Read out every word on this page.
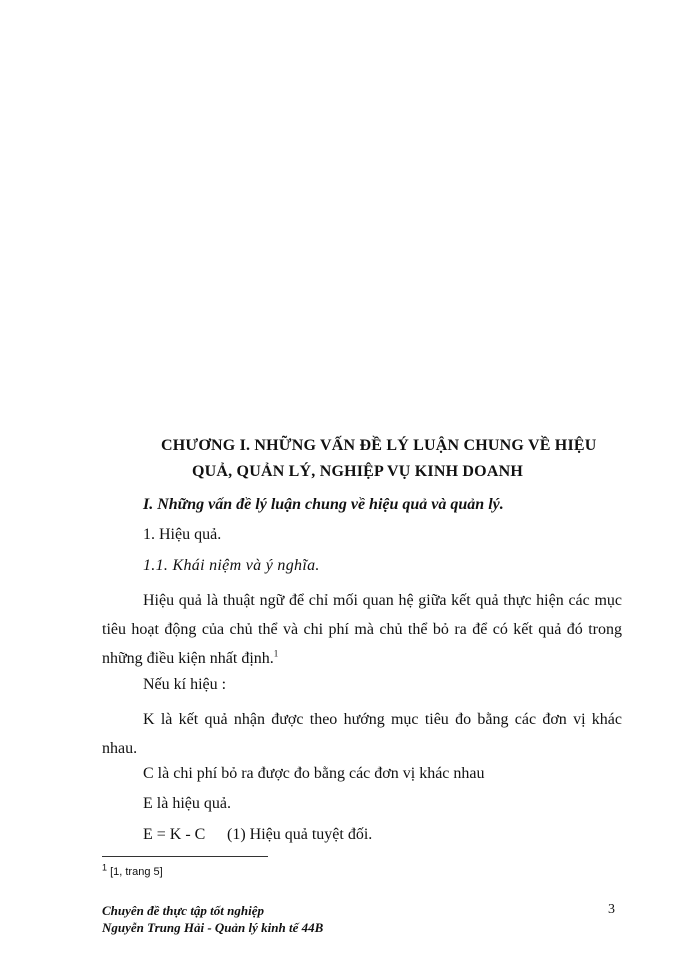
CHƯƠNG I. NHỮNG VẤN ĐỀ LÝ LUẬN CHUNG VỀ HIỆU
QUẢ, QUẢN LÝ, NGHIỆP VỤ KINH DOANH
I. Những vấn đề lý luận chung về hiệu quả và quản lý.
1. Hiệu quả.
1.1. Khái niệm và ý nghĩa.
Hiệu quả là thuật ngữ để chỉ mối quan hệ giữa kết quả thực hiện các mục tiêu hoạt động của chủ thể và chi phí mà chủ thể bỏ ra để có kết quả đó trong những điều kiện nhất định.$^1$
Nếu kí hiệu :
K là kết quả nhận được theo hướng mục tiêu đo bằng các đơn vị khác nhau.
C là chi phí bỏ ra được đo bằng các đơn vị khác nhau
E là hiệu quả.
E = K - C (1) Hiệu quả tuyệt đối.
$^1$ [1, trang 5]
Chuyên đề thực tập tốt nghiệp
Nguyễn Trung Hải - Quản lý kinh tế 44B
3
